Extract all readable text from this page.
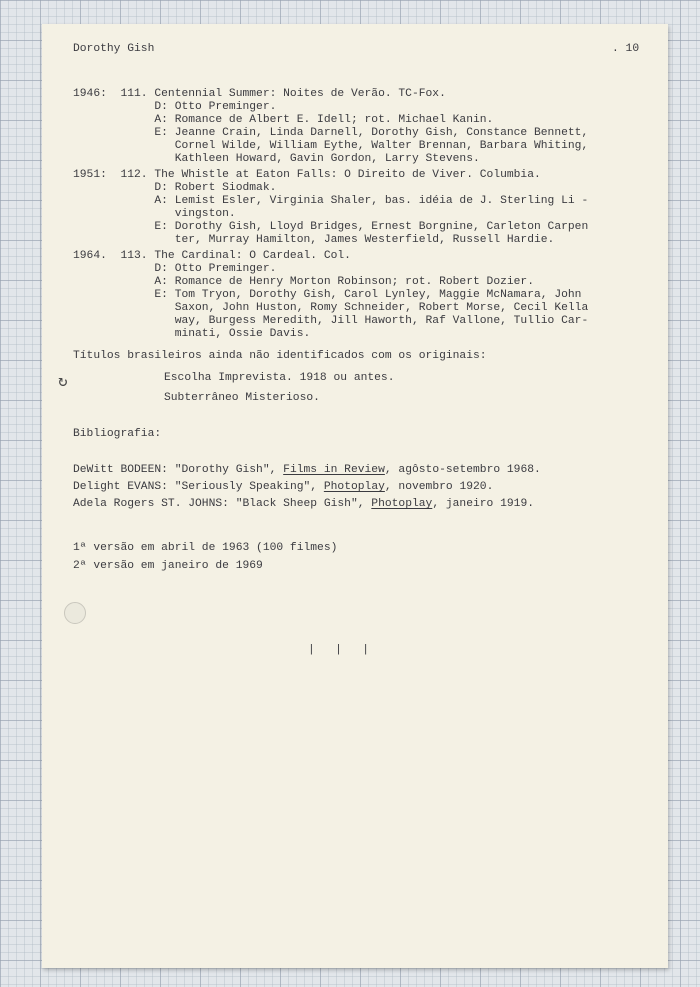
Dorothy Gish	. 10
1946:  111. Centennial Summer: Noites de Verão. TC-Fox.
D: Otto Preminger.
A: Romance de Albert E. Idell; rot. Michael Kanin.
E: Jeanne Crain, Linda Darnell, Dorothy Gish, Constance Bennett,
Cornel Wilde, William Eythe, Walter Brennan, Barbara Whiting,
Kathleen Howard, Gavin Gordon, Larry Stevens.
1951:  112. The Whistle at Eaton Falls: O Direito de Viver. Columbia.
D: Robert Siodmak.
A: Lemist Esler, Virginia Shaler, bas. idéia de J. Sterling Li -
vingston.
E: Dorothy Gish, Lloyd Bridges, Ernest Borgnine, Carleton Carpen
ter, Murray Hamilton, James Westerfield, Russell Hardie.
1964.  113. The Cardinal: O Cardeal. Col.
D: Otto Preminger.
A: Romance de Henry Morton Robinson; rot. Robert Dozier.
E: Tom Tryon, Dorothy Gish, Carol Lynley, Maggie McNamara, John
Saxon, John Huston, Romy Schneider, Robert Morse, Cecil Kella
way, Burgess Meredith, Jill Haworth, Raf Vallone, Tullio Car-
minati, Ossie Davis.
Títulos brasileiros ainda não identificados com os originais:
Escolha Imprevista. 1918 ou antes.
Subterrâneo Misterioso.
Bibliografia:
DeWitt BODEEN: "Dorothy Gish", Films in Review, agôsto-setembro 1968.
Delight EVANS: "Seriously Speaking", Photoplay, novembro 1920.
Adela Rogers ST. JOHNS: "Black Sheep Gish", Photoplay, janeiro 1919.
1ª versão em abril de 1963 (100 filmes)
2ª versão em janeiro de 1969
|   |   |
↻
